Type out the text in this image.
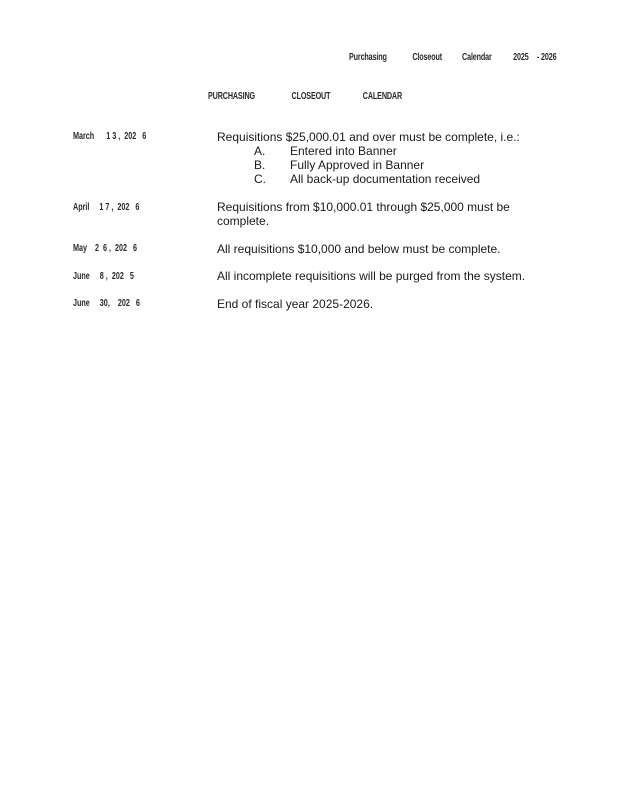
Purchasing	Closeout	Calendar	2025 - 2026
PURCHASING	CLOSEOUT	CALENDAR
March      1 3 ,  202   6	Requisitions $25,000.01 and over must be complete, i.e.:
A. Entered into Banner
B. Fully Approved in Banner
C. All back-up documentation received
April     1 7 ,  202   6	Requisitions from $10,000.01 through $25,000 must be complete.
May    2  6 ,  202   6	All requisitions $10,000 and below must be complete.
June     8 ,  202   5	All incomplete requisitions will be purged from the system.
June     30,    202   6	End of fiscal year 2025-2026.
